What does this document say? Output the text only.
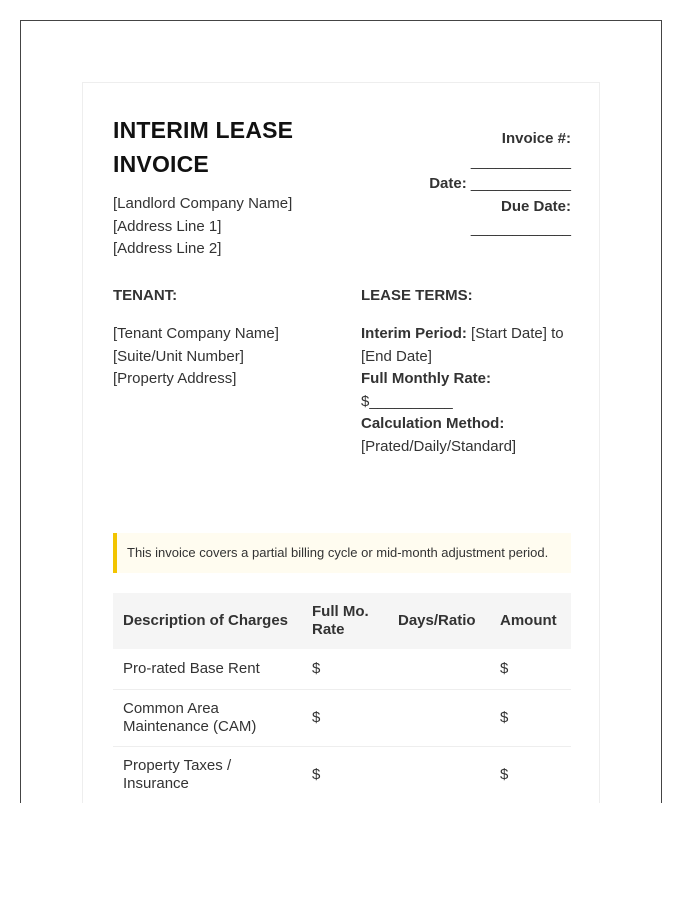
INTERIM LEASE
INVOICE
[Landlord Company Name]
[Address Line 1]
[Address Line 2]
Invoice #:
____________
Date: ____________
Due Date:
____________
TENANT:
[Tenant Company Name]
[Suite/Unit Number]
[Property Address]
LEASE TERMS:
Interim Period: [Start Date] to [End Date]
Full Monthly Rate:
$__________
Calculation Method:
[Prated/Daily/Standard]
This invoice covers a partial billing cycle or mid-month adjustment period.
Description of Charges	Full Mo. Rate	Days/Ratio	Amount
Pro-rated Base Rent	$		$
Common Area Maintenance (CAM)	$		$
Property Taxes / Insurance	$		$
